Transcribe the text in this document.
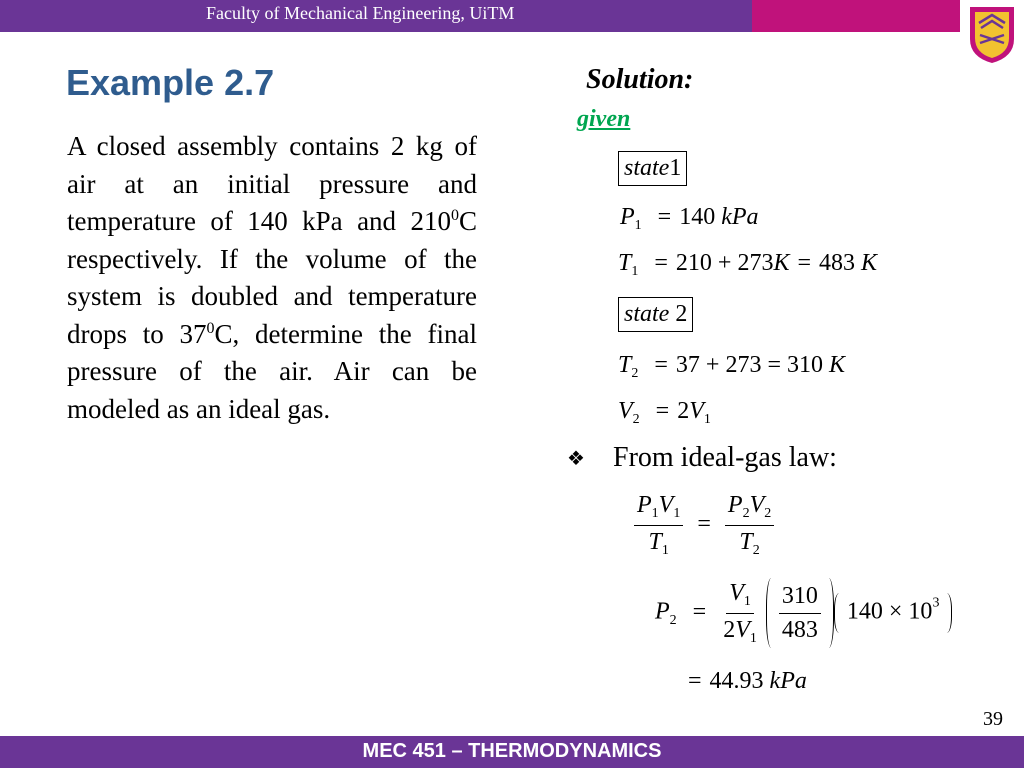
Faculty of Mechanical Engineering, UiTM
Example 2.7
A closed assembly contains 2 kg of air at an initial pressure and temperature of 140 kPa and $210^0C$ respectively. If the volume of the system is doubled and temperature drops to $37^0C$, determine the final pressure of the air. Air can be modeled as an ideal gas.
Solution:
given
state1
$P_1 = 140$ kPa
$T_1 = 210 + 273K = 483$ K
state 2
$T_2 = 37 + 273 = 310$ K
$V_2 = 2V_1$
❖ From ideal-gas law:
$\frac{P_1V_1}{T_1} = \frac{P_2V_2}{T_2}$
$P_2 = \frac{V_1}{2V_1}$
$\frac{310}{483} 140 \times 10^3$
= 44.93 kPa
39
MEC 451 – THERMODYNAMICS
